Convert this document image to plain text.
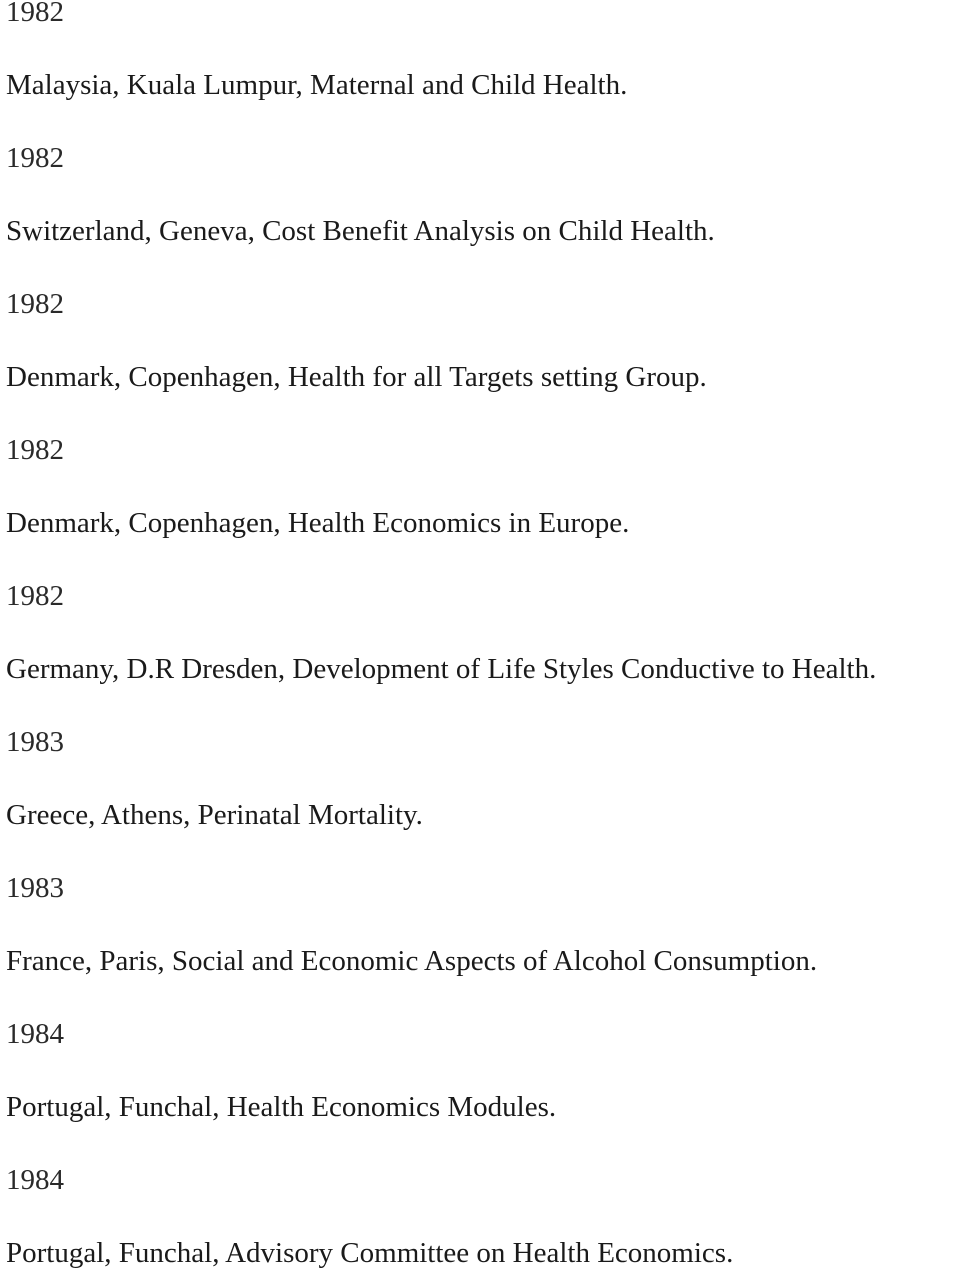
1982
Malaysia, Kuala Lumpur, Maternal and Child Health.
1982
Switzerland, Geneva, Cost Benefit Analysis on Child Health.
1982
Denmark, Copenhagen, Health for all Targets setting Group.
1982
Denmark, Copenhagen, Health Economics in Europe.
1982
Germany, D.R Dresden, Development of Life Styles Conductive to Health.
1983
Greece, Athens, Perinatal Mortality.
1983
France, Paris, Social and Economic Aspects of Alcohol Consumption.
1984
Portugal, Funchal, Health Economics Modules.
1984
Portugal, Funchal, Advisory Committee on Health Economics.
